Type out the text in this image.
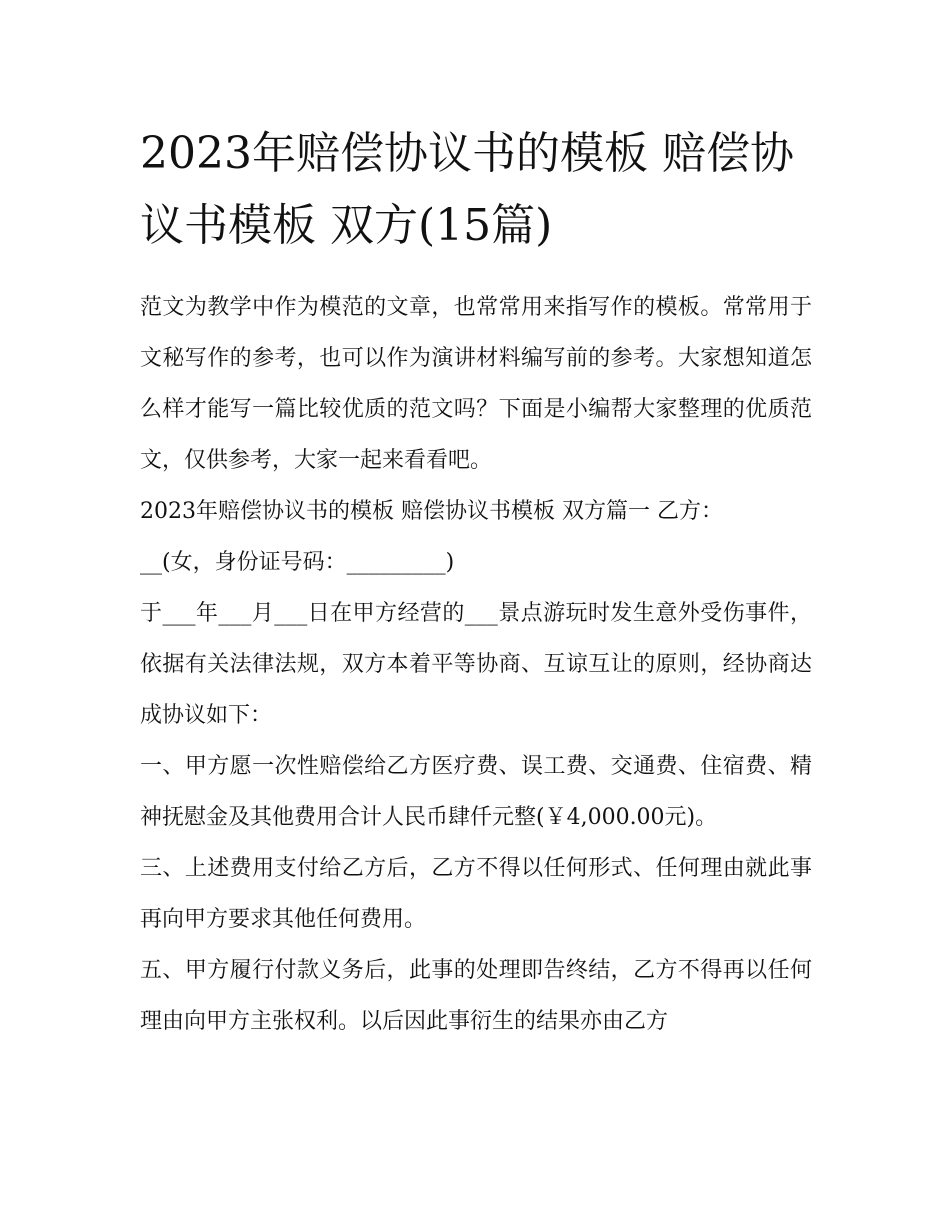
2023年赔偿协议书的模板 赔偿协议书模板 双方(15篇)

范文为教学中作为模范的文章，也常常用来指写作的模板。常常用于文秘写作的参考，也可以作为演讲材料编写前的参考。大家想知道怎么样才能写一篇比较优质的范文吗？下面是小编帮大家整理的优质范文，仅供参考，大家一起来看看吧。

2023年赔偿协议书的模板 赔偿协议书模板 双方篇一 乙方：

__(女，身份证号码：_________)

于___年___月___日在甲方经营的___景点游玩时发生意外受伤事件，依据有关法律法规，双方本着平等协商、互谅互让的原则，经协商达成协议如下：

一、甲方愿一次性赔偿给乙方医疗费、误工费、交通费、住宿费、精神抚慰金及其他费用合计人民币肆仟元整(￥4,000.00元)。

三、上述费用支付给乙方后，乙方不得以任何形式、任何理由就此事再向甲方要求其他任何费用。

五、甲方履行付款义务后，此事的处理即告终结，乙方不得再以任何理由向甲方主张权利。以后因此事衍生的结果亦由乙方
